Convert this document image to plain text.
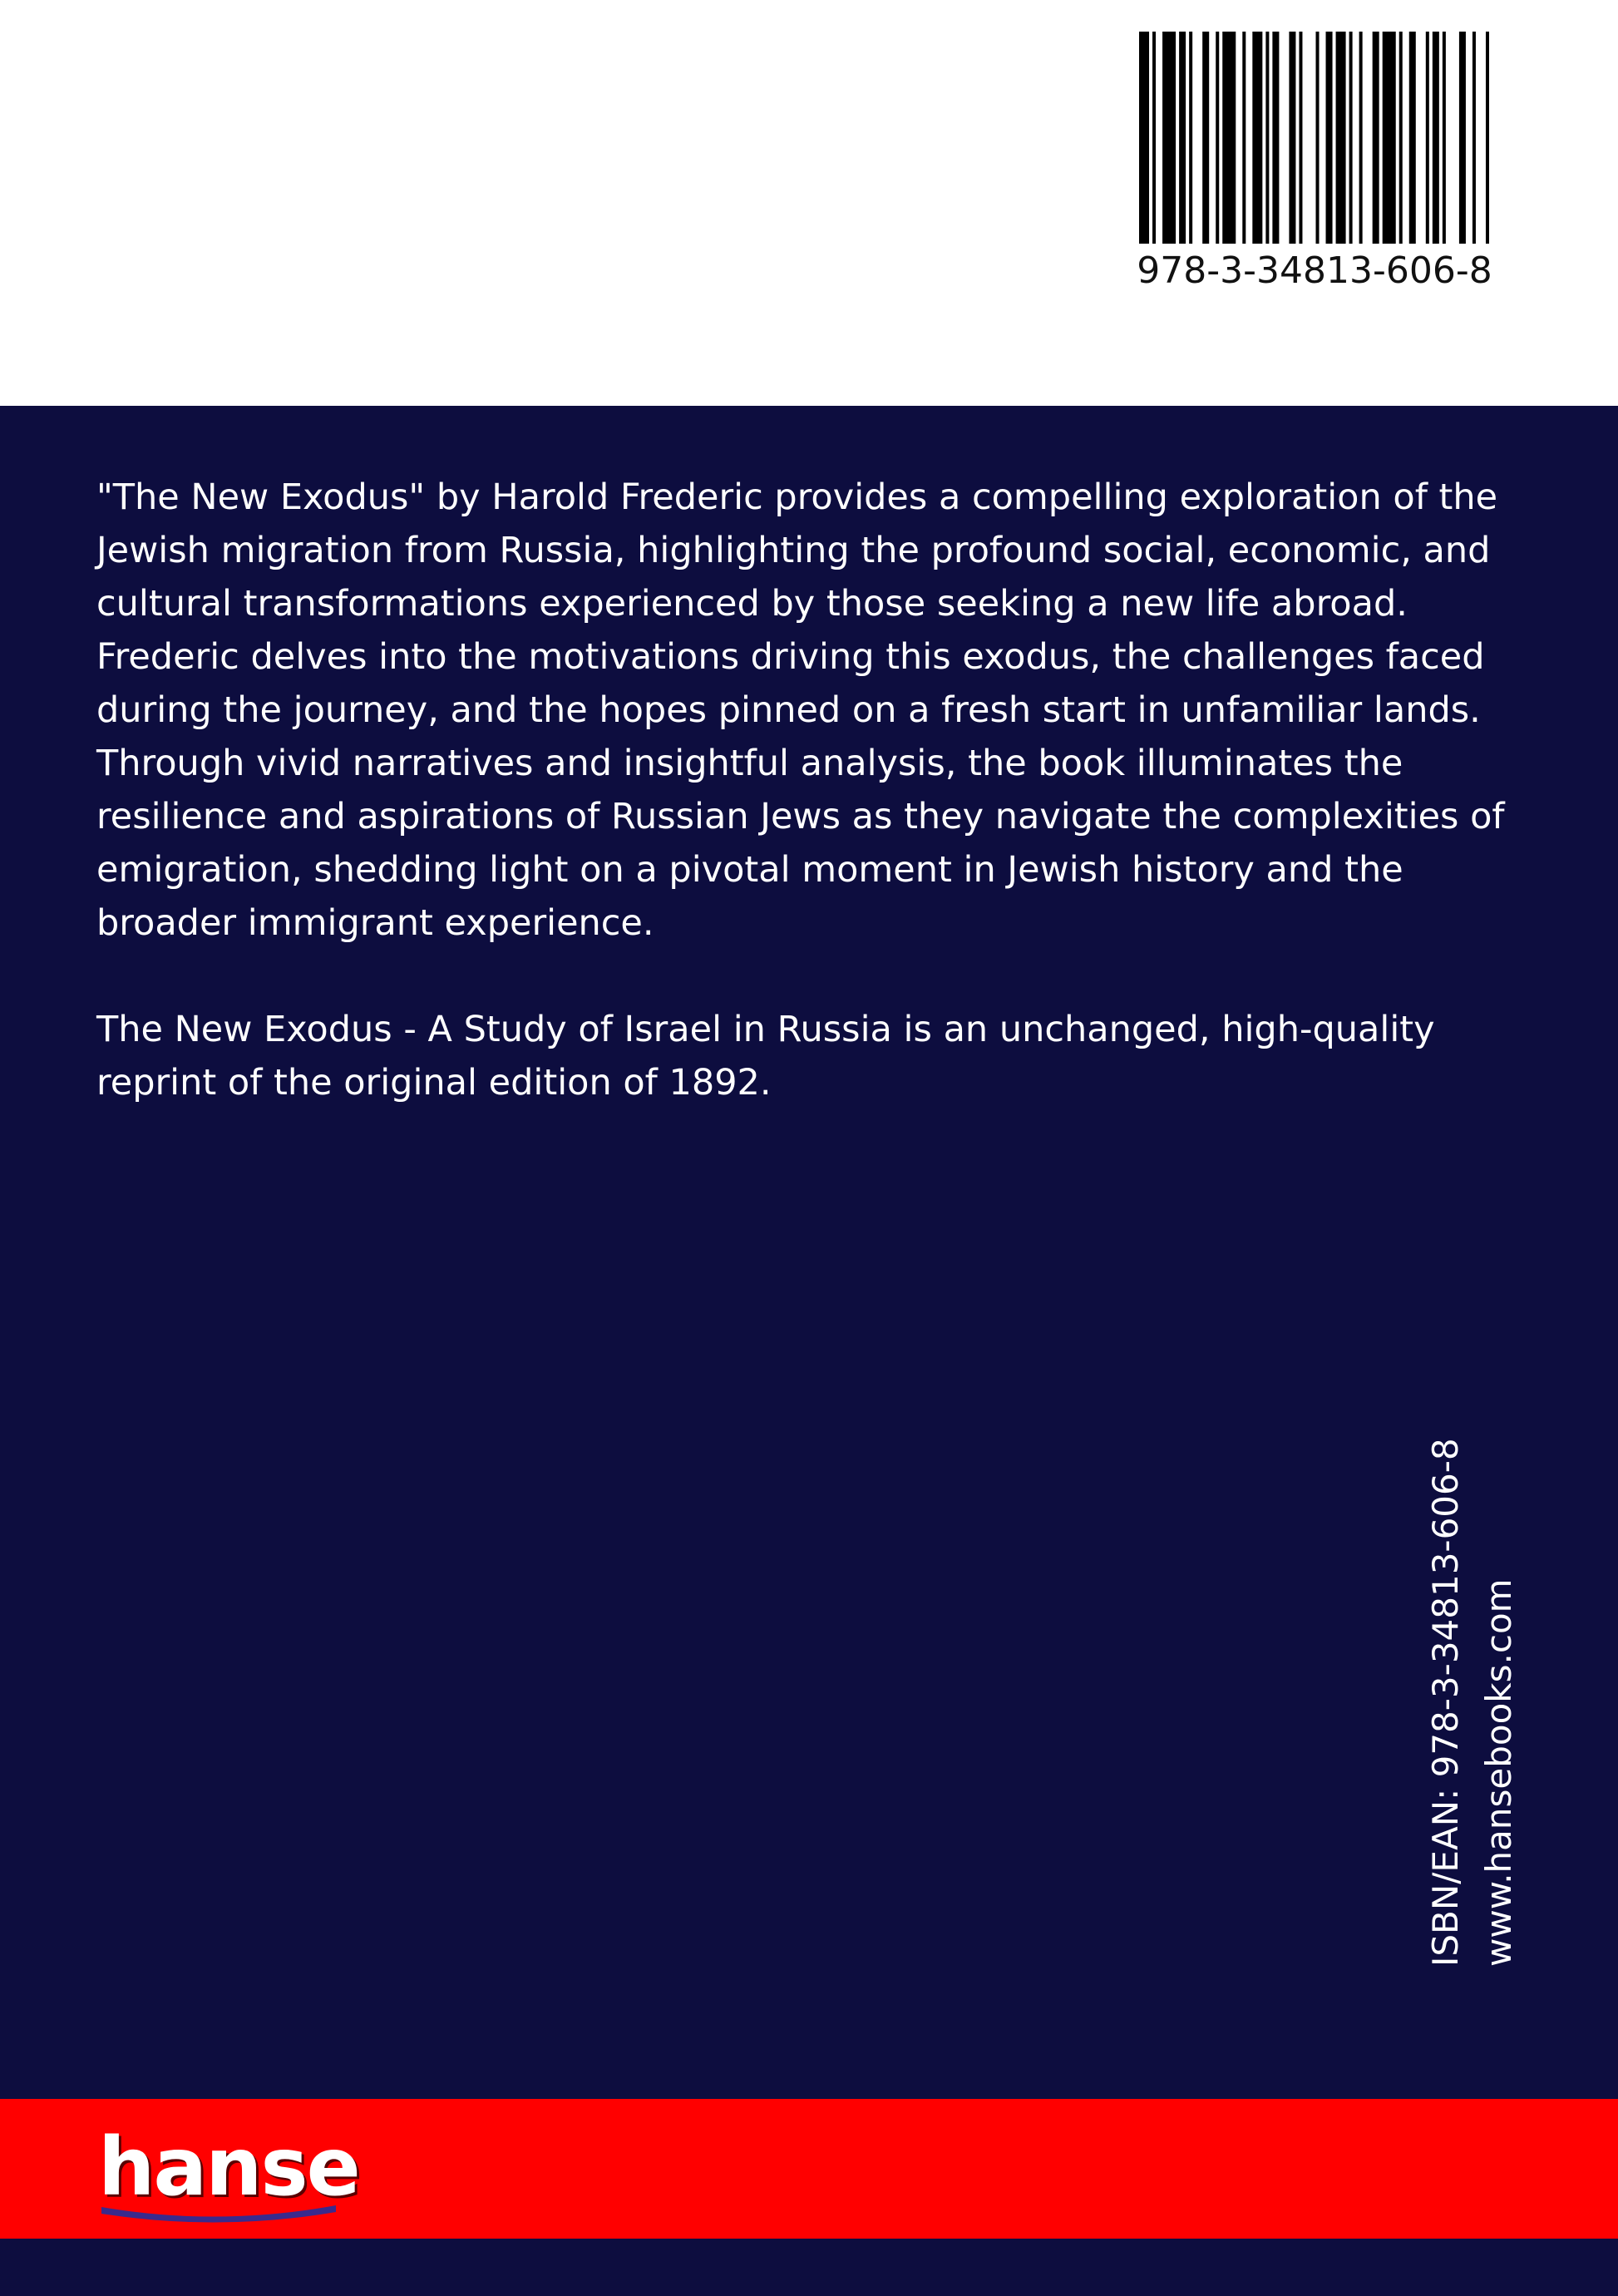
978-3-34813-606-8

"The New Exodus" by Harold Frederic provides a compelling exploration of the Jewish migration from Russia, highlighting the profound social, economic, and cultural transformations experienced by those seeking a new life abroad. Frederic delves into the motivations driving this exodus, the challenges faced during the journey, and the hopes pinned on a fresh start in unfamiliar lands. Through vivid narratives and insightful analysis, the book illuminates the resilience and aspirations of Russian Jews as they navigate the complexities of emigration, shedding light on a pivotal moment in Jewish history and the broader immigrant experience.

The New Exodus - A Study of Israel in Russia is an unchanged, high-quality reprint of the original edition of 1892.

ISBN/EAN: 978-3-34813-606-8 www.hansebooks.com
hanse
